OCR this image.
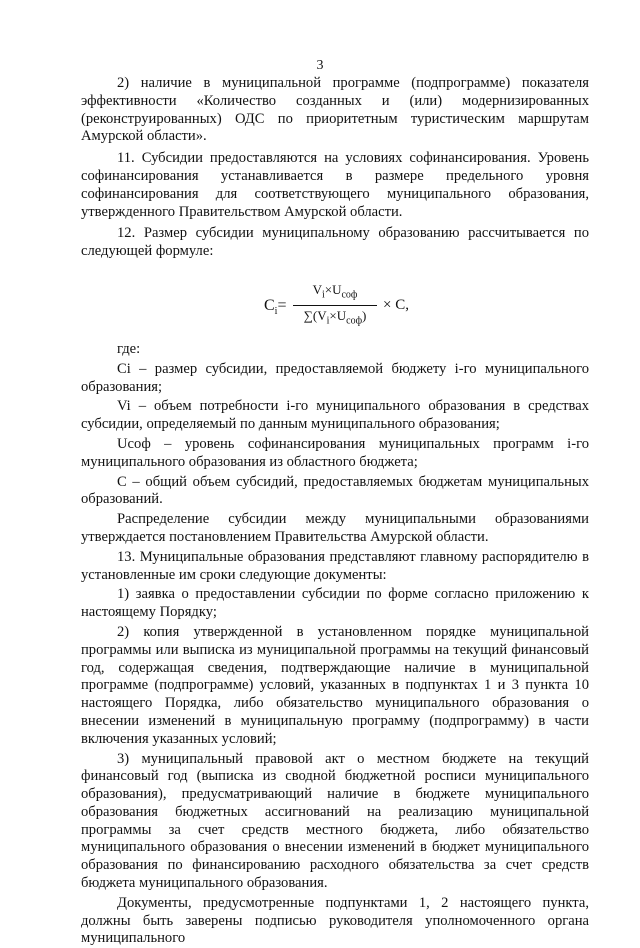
3

2) наличие в муниципальной программе (подпрограмме) показателя эффективности «Количество созданных и (или) модернизированных (реконструированных) ОДС по приоритетным туристическим маршрутам Амурской области».

11. Субсидии предоставляются на условиях софинансирования. Уровень софинансирования устанавливается в размере предельного уровня софинансирования для соответствующего муниципального образования, утвержденного Правительством Амурской области.

12. Размер субсидии муниципальному образованию рассчитывается по следующей формуле:

$C_i=$
$V_i\times U_{соф}$
$\sum(V_i\times U_{соф})$
× C,

где:

Ci – размер субсидии, предоставляемой бюджету i-го муниципального образования;

Vi – объем потребности i-го муниципального образования в средствах субсидии, определяемый по данным муниципального образования;

Uсоф – уровень софинансирования муниципальных программ i-го муниципального образования из областного бюджета;

C – общий объем субсидий, предоставляемых бюджетам муниципальных образований.

Распределение субсидии между муниципальными образованиями утверждается постановлением Правительства Амурской области.

13. Муниципальные образования представляют главному распорядителю в установленные им сроки следующие документы:

1) заявка о предоставлении субсидии по форме согласно приложению к настоящему Порядку;

2) копия утвержденной в установленном порядке муниципальной программы или выписка из муниципальной программы на текущий финансовый год, содержащая сведения, подтверждающие наличие в муниципальной программе (подпрограмме) условий, указанных в подпунктах 1 и 3 пункта 10 настоящего Порядка, либо обязательство муниципального образования о внесении изменений в муниципальную программу (подпрограмму) в части включения указанных условий;

3) муниципальный правовой акт о местном бюджете на текущий финансовый год (выписка из сводной бюджетной росписи муниципального образования), предусматривающий наличие в бюджете муниципального образования бюджетных ассигнований на реализацию муниципальной программы за счет средств местного бюджета, либо обязательство муниципального образования о внесении изменений в бюджет муниципального образования по финансированию расходного обязательства за счет средств бюджета муниципального образования.

Документы, предусмотренные подпунктами 1, 2 настоящего пункта, должны быть заверены подписью руководителя уполномоченного органа муниципального
